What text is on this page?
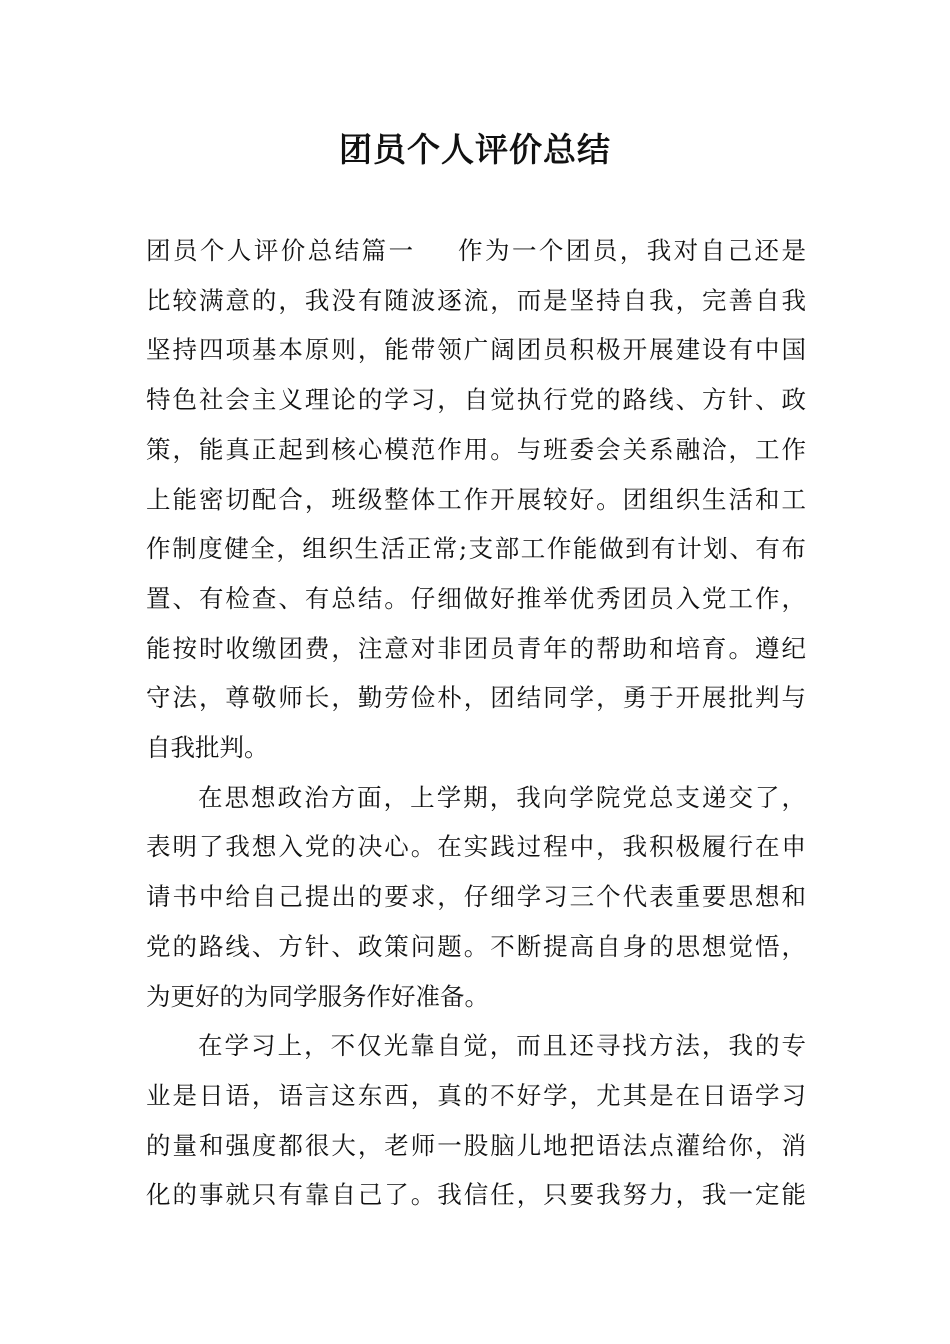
团员个人评价总结
团员个人评价总结篇一 作为一个团员，我对自己还是
比较满意的，我没有随波逐流，而是坚持自我，完善自我
坚持四项基本原则，能带领广阔团员积极开展建设有中国
特色社会主义理论的学习，自觉执行党的路线、方针、政
策，能真正起到核心模范作用。与班委会关系融洽，工作
上能密切配合，班级整体工作开展较好。团组织生活和工
作制度健全，组织生活正常;支部工作能做到有计划、有布
置、有检查、有总结。仔细做好推举优秀团员入党工作，
能按时收缴团费，注意对非团员青年的帮助和培育。遵纪
守法，尊敬师长，勤劳俭朴，团结同学，勇于开展批判与
自我批判。
在思想政治方面，上学期，我向学院党总支递交了，
表明了我想入党的决心。在实践过程中，我积极履行在申
请书中给自己提出的要求，仔细学习三个代表重要思想和
党的路线、方针、政策问题。不断提高自身的思想觉悟，
为更好的为同学服务作好准备。
在学习上，不仅光靠自觉，而且还寻找方法，我的专
业是日语，语言这东西，真的不好学，尤其是在日语学习
的量和强度都很大，老师一股脑儿地把语法点灌给你，消
化的事就只有靠自己了。我信任，只要我努力，我一定能
